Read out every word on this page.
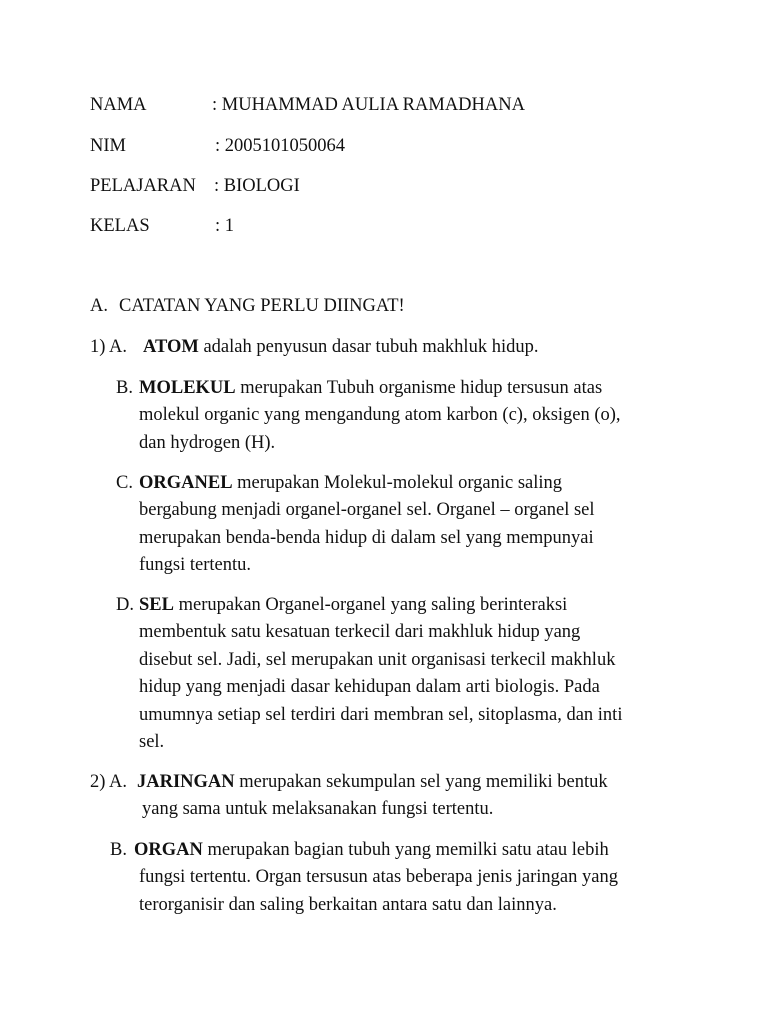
NAMA	: MUHAMMAD AULIA RAMADHANA
NIM	: 2005101050064
PELAJARAN : BIOLOGI
KELAS	: 1
A. CATATAN YANG PERLU DIINGAT!
1) A. ATOM adalah penyusun dasar tubuh makhluk hidup.
B. MOLEKUL merupakan Tubuh organisme hidup tersusun atas
molekul organic yang mengandung atom karbon (c), oksigen (o),
dan hydrogen (H).
C. ORGANEL merupakan Molekul-molekul organic saling
bergabung menjadi organel-organel sel. Organel – organel sel
merupakan benda-benda hidup di dalam sel yang mempunyai
fungsi tertentu.
D. SEL merupakan Organel-organel yang saling berinteraksi
membentuk satu kesatuan terkecil dari makhluk hidup yang
disebut sel. Jadi, sel merupakan unit organisasi terkecil makhluk
hidup yang menjadi dasar kehidupan dalam arti biologis. Pada
umumnya setiap sel terdiri dari membran sel, sitoplasma, dan inti
sel.
2) A. JARINGAN merupakan sekumpulan sel yang memiliki bentuk
yang sama untuk melaksanakan fungsi tertentu.
B. ORGAN merupakan bagian tubuh yang memilki satu atau lebih
fungsi tertentu. Organ tersusun atas beberapa jenis jaringan yang
terorganisir dan saling berkaitan antara satu dan lainnya.
